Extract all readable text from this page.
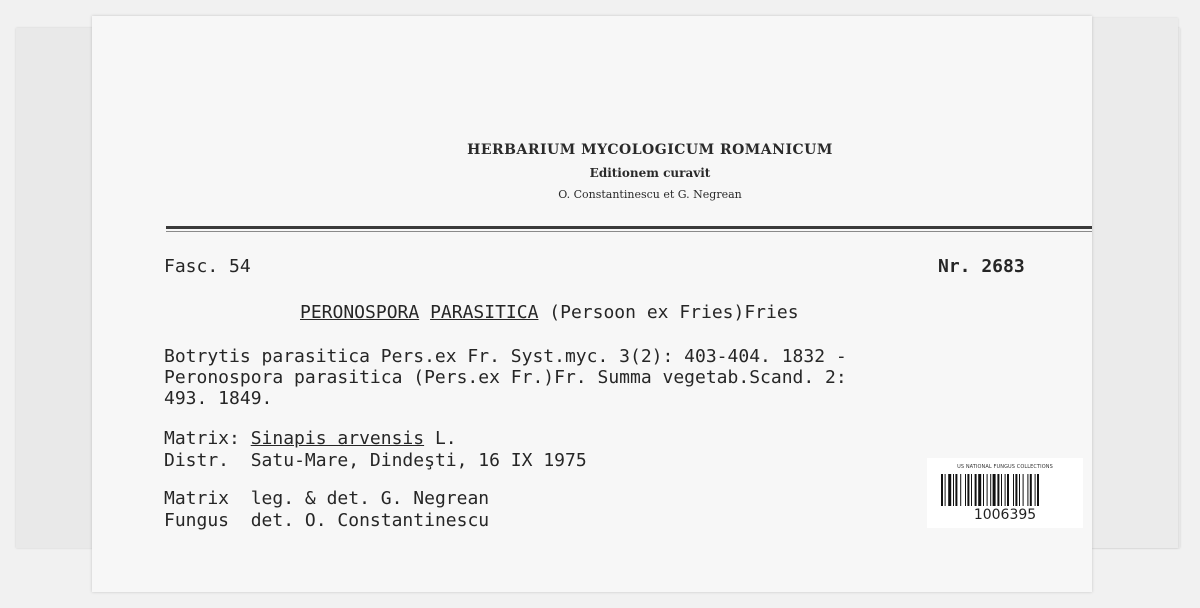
HERBARIUM MYCOLOGICUM ROMANICUM
Editionem curavit
O. Constantinescu et G. Negrean
Fasc. 54	Nr. 2683
PERONOSPORA PARASITICA (Persoon ex Fries)Fries
Botrytis parasitica Pers.ex Fr. Syst.myc. 3(2): 403-404. 1832 -
Peronospora parasitica (Pers.ex Fr.)Fr. Summa vegetab.Scand. 2:
493. 1849.
Matrix: Sinapis arvensis L.
Distr. Satu-Mare, Dindeşti, 16 IX 1975
Matrix leg. & det. G. Negrean
Fungus det. O. Constantinescu
US NATIONAL FUNGUS COLLECTIONS
1006395
